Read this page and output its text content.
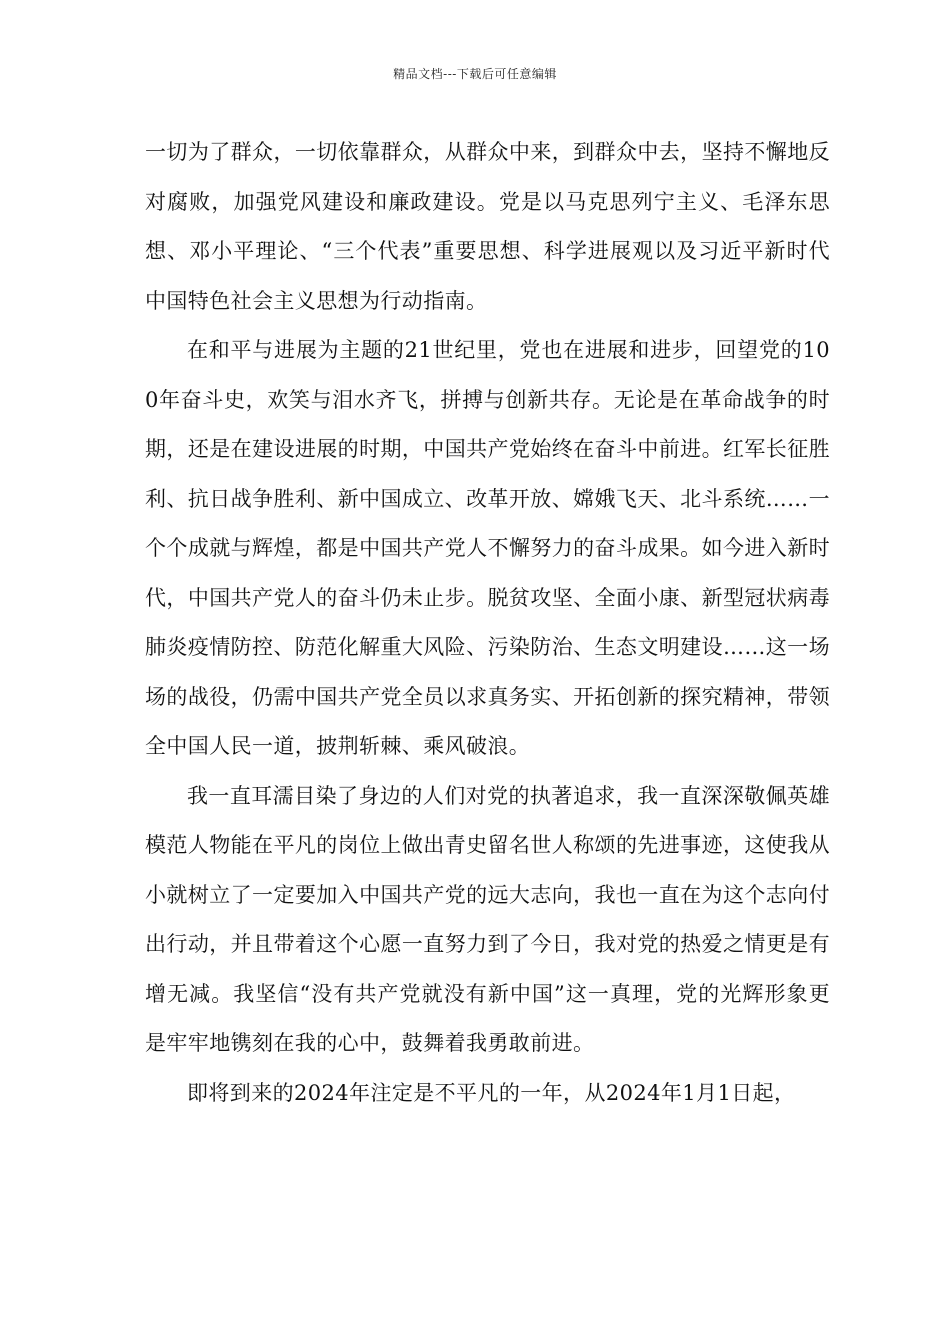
精品文档---下载后可任意编辑

一切为了群众，一切依靠群众，从群众中来，到群众中去，坚持不懈地反对腐败，加强党风建设和廉政建设。党是以马克思列宁主义、毛泽东思想、邓小平理论、“三个代表”重要思想、科学进展观以及习近平新时代中国特色社会主义思想为行动指南。

在和平与进展为主题的21世纪里，党也在进展和进步，回望党的100年奋斗史，欢笑与泪水齐飞，拼搏与创新共存。无论是在革命战争的时期，还是在建设进展的时期，中国共产党始终在奋斗中前进。红军长征胜利、抗日战争胜利、新中国成立、改革开放、嫦娥飞天、北斗系统……一个个成就与辉煌，都是中国共产党人不懈努力的奋斗成果。如今进入新时代，中国共产党人的奋斗仍未止步。脱贫攻坚、全面小康、新型冠状病毒肺炎疫情防控、防范化解重大风险、污染防治、生态文明建设……这一场场的战役，仍需中国共产党全员以求真务实、开拓创新的探究精神，带领全中国人民一道，披荆斩棘、乘风破浪。

我一直耳濡目染了身边的人们对党的执著追求，我一直深深敬佩英雄模范人物能在平凡的岗位上做出青史留名世人称颂的先进事迹，这使我从小就树立了一定要加入中国共产党的远大志向，我也一直在为这个志向付出行动，并且带着这个心愿一直努力到了今日，我对党的热爱之情更是有增无减。我坚信“没有共产党就没有新中国”这一真理，党的光辉形象更是牢牢地镌刻在我的心中，鼓舞着我勇敢前进。

即将到来的2024年注定是不平凡的一年，从2024年1月1日起，
